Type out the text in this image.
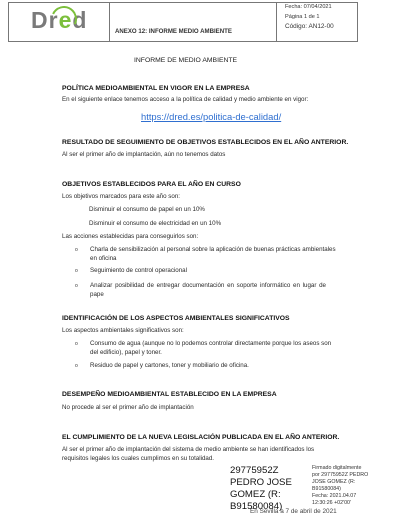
Dred	ANEXO 12: INFORME MEDIO AMBIENTE
Fecha: 07/04/2021
Página 1 de 1
Código: AN12-00
INFORME DE MEDIO AMBIENTE
POLÍTICA MEDIOAMBIENTAL EN VIGOR EN LA EMPRESA
En el siguiente enlace tenemos acceso a la política de calidad y medio ambiente en vigor:
https://dred.es/politica-de-calidad/
RESULTADO DE SEGUIMIENTO DE OBJETIVOS ESTABLECIDOS EN EL AÑO ANTERIOR.
Al ser el primer año de implantación, aún no tenemos datos
OBJETIVOS ESTABLECIDOS PARA EL AÑO EN CURSO
Los objetivos marcados para este año son:
Disminuir el consumo de papel en un 10%
Disminuir el consumo de electricidad en un 10%
Las acciones establecidas para conseguirlos son:
o Charla de sensibilización al personal sobre la aplicación de buenas prácticas ambientales
en oficina
o Seguimiento de control operacional
o Analizar posibilidad de entregar documentación en soporte informático en lugar de
pape
IDENTIFICACIÓN DE LOS ASPECTOS AMBIENTALES SIGNIFICATIVOS
Los aspectos ambientales significativos son:
o Consumo de agua (aunque no lo podemos controlar directamente porque los aseos son
del edificio), papel y toner.
o Residuo de papel y cartones, toner y mobiliario de oficina.
DESEMPEÑO MEDIOAMBIENTAL ESTABLECIDO EN LA EMPRESA
No procede al ser el primer año de implantación
EL CUMPLIMIENTO DE LA NUEVA LEGISLACIÓN PUBLICADA EN EL AÑO ANTERIOR.
Al ser el primer año de implantación del sistema de medio ambiente se han identificados los
requisitos legales los cuales cumplimos en su totalidad.
29775952Z
PEDRO JOSE
GOMEZ (R:
B91580084)
Firmado digitalmente
por 29775952Z PEDRO
JOSE GOMEZ (R:
B91580084)
Fecha: 2021.04.07
12:30:26 +02'00'
En Sevilla a 7 de abril de 2021
